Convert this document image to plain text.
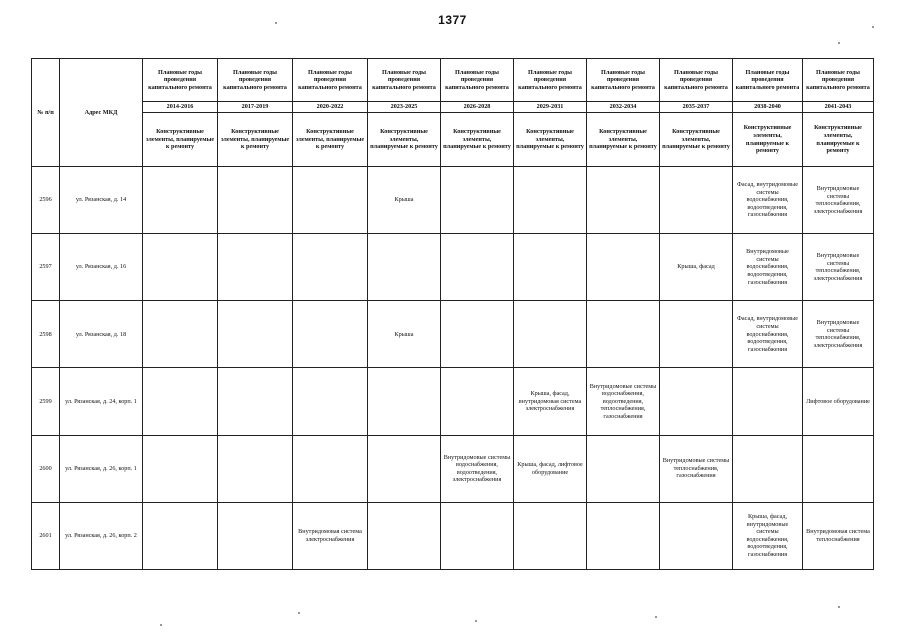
1377
№ п/п	Адрес МКД	Плановые годы проведения капитального ремонта	Плановые годы проведения капитального ремонта	Плановые годы проведения капитального ремонта	Плановые годы проведения капитального ремонта	Плановые годы проведения капитального ремонта	Плановые годы проведения капитального ремонта	Плановые годы проведения капитального ремонта	Плановые годы проведения капитального ремонта	Плановые годы проведения капитального ремонта	Плановые годы проведения капитального ремонта
		2014-2016	2017-2019	2020-2022	2023-2025	2026-2028	2029-2031	2032-2034	2035-2037	2038-2040	2041-2043
		Конструктивные элементы, планируемые к ремонту	Конструктивные элементы, планируемые к ремонту	Конструктивные элементы, планируемые к ремонту	Конструктивные элементы, планируемые к ремонту	Конструктивные элементы, планируемые к ремонту	Конструктивные элементы, планируемые к ремонту	Конструктивные элементы, планируемые к ремонту	Конструктивные элементы, планируемые к ремонту	Конструктивные элементы, планируемые к ремонту	Конструктивные элементы, планируемые к ремонту
2596	ул. Рязанская, д. 14				Крыша					Фасад, внутридомовые системы водоснабжения, водоотведения, газоснабжения	Внутридомовые системы теплоснабжения, электроснабжения
2597	ул. Рязанская, д. 16								Крыша, фасад	Внутридомовые системы водоснабжения, водоотведения, газоснабжения	Внутридомовые системы теплоснабжения, электроснабжения
2598	ул. Рязанская, д. 18				Крыша					Фасад, внутридомовые системы водоснабжения, водоотведения, газоснабжения	Внутридомовые системы теплоснабжения, электроснабжения
2599	ул. Рязанская, д. 24, корп. 1						Крыша, фасад, внутридомовая система электроснабжения	Внутридомовые системы водоснабжения, водоотведения, теплоснабжения, газоснабжения			Лифтовое оборудование
2600	ул. Рязанская, д. 26, корп. 1					Внутридомовые системы водоснабжения, водоотведения, электроснабжения	Крыша, фасад, лифтовое оборудование		Внутридомовые системы теплоснабжения, газоснабжения		
2601	ул. Рязанская, д. 26, корп. 2			Внутридомовая система электроснабжения						Крыша, фасад, внутридомовые системы водоснабжения, водоотведения, газоснабжения	Внутридомовая система теплоснабжения
